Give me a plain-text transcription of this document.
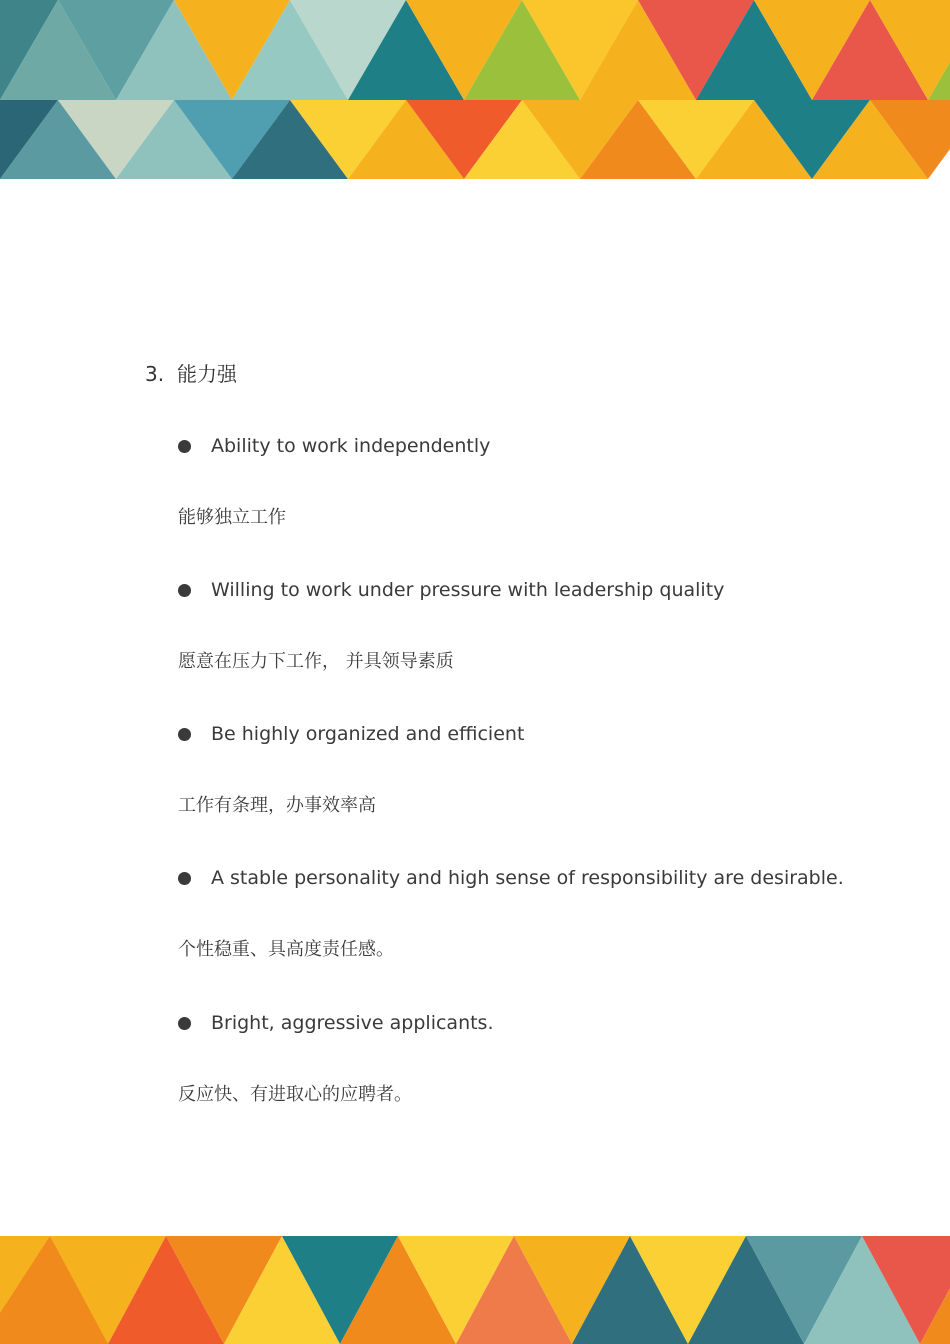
3. 能力强
Ability to work independently
能够独立工作
Willing to work under pressure with leadership quality
愿意在压力下工作， 并具领导素质
Be highly organized and efficient
工作有条理，办事效率高
A stable personality and high sense of responsibility are desirable.
个性稳重、具高度责任感。
Bright, aggressive applicants.
反应快、有进取心的应聘者。
